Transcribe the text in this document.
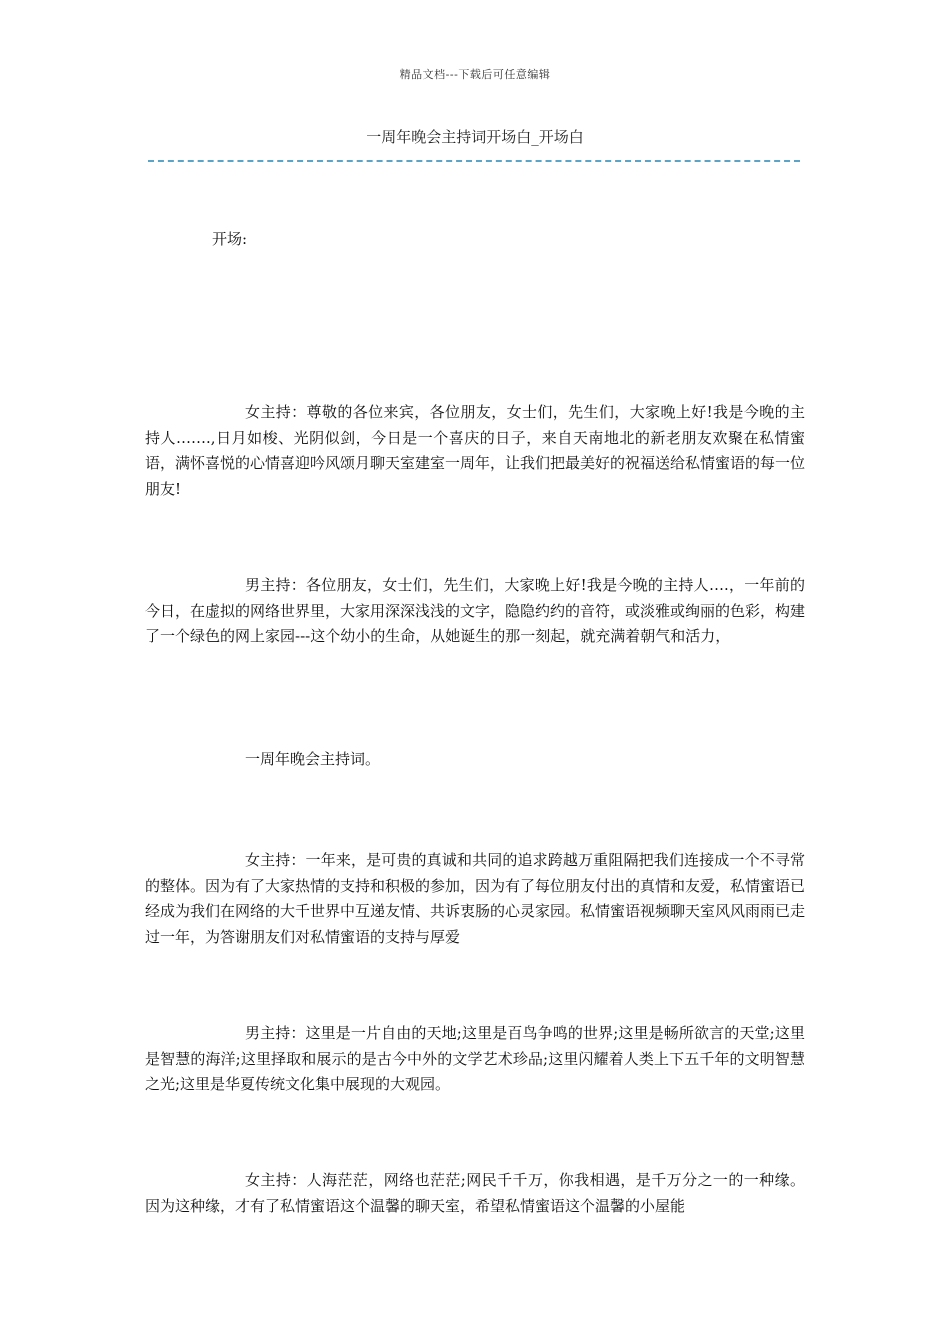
精品文档---下载后可任意编辑
一周年晚会主持词开场白_开场白
开场:

女主持：尊敬的各位来宾，各位朋友，女士们，先生们，大家晚上好!我是今晚的主持人…….,日月如梭、光阴似剑，今日是一个喜庆的日子，来自天南地北的新老朋友欢聚在私情蜜语，满怀喜悦的心情喜迎吟风颂月聊天室建室一周年，让我们把最美好的祝福送给私情蜜语的每一位朋友!

男主持：各位朋友，女士们，先生们，大家晚上好!我是今晚的主持人….，一年前的今日，在虚拟的网络世界里，大家用深深浅浅的文字，隐隐约约的音符，或淡雅或绚丽的色彩，构建了一个绿色的网上家园---这个幼小的生命，从她诞生的那一刻起，就充满着朝气和活力，

一周年晚会主持词。

女主持：一年来，是可贵的真诚和共同的追求跨越万重阻隔把我们连接成一个不寻常的整体。因为有了大家热情的支持和积极的参加，因为有了每位朋友付出的真情和友爱，私情蜜语已经成为我们在网络的大千世界中互递友情、共诉衷肠的心灵家园。私情蜜语视频聊天室风风雨雨已走过一年，为答谢朋友们对私情蜜语的支持与厚爱

男主持：这里是一片自由的天地;这里是百鸟争鸣的世界;这里是畅所欲言的天堂;这里是智慧的海洋;这里择取和展示的是古今中外的文学艺术珍品;这里闪耀着人类上下五千年的文明智慧之光;这里是华夏传统文化集中展现的大观园。

女主持：人海茫茫，网络也茫茫;网民千千万，你我相遇，是千万分之一的一种缘。因为这种缘，才有了私情蜜语这个温馨的聊天室，希望私情蜜语这个温馨的小屋能
